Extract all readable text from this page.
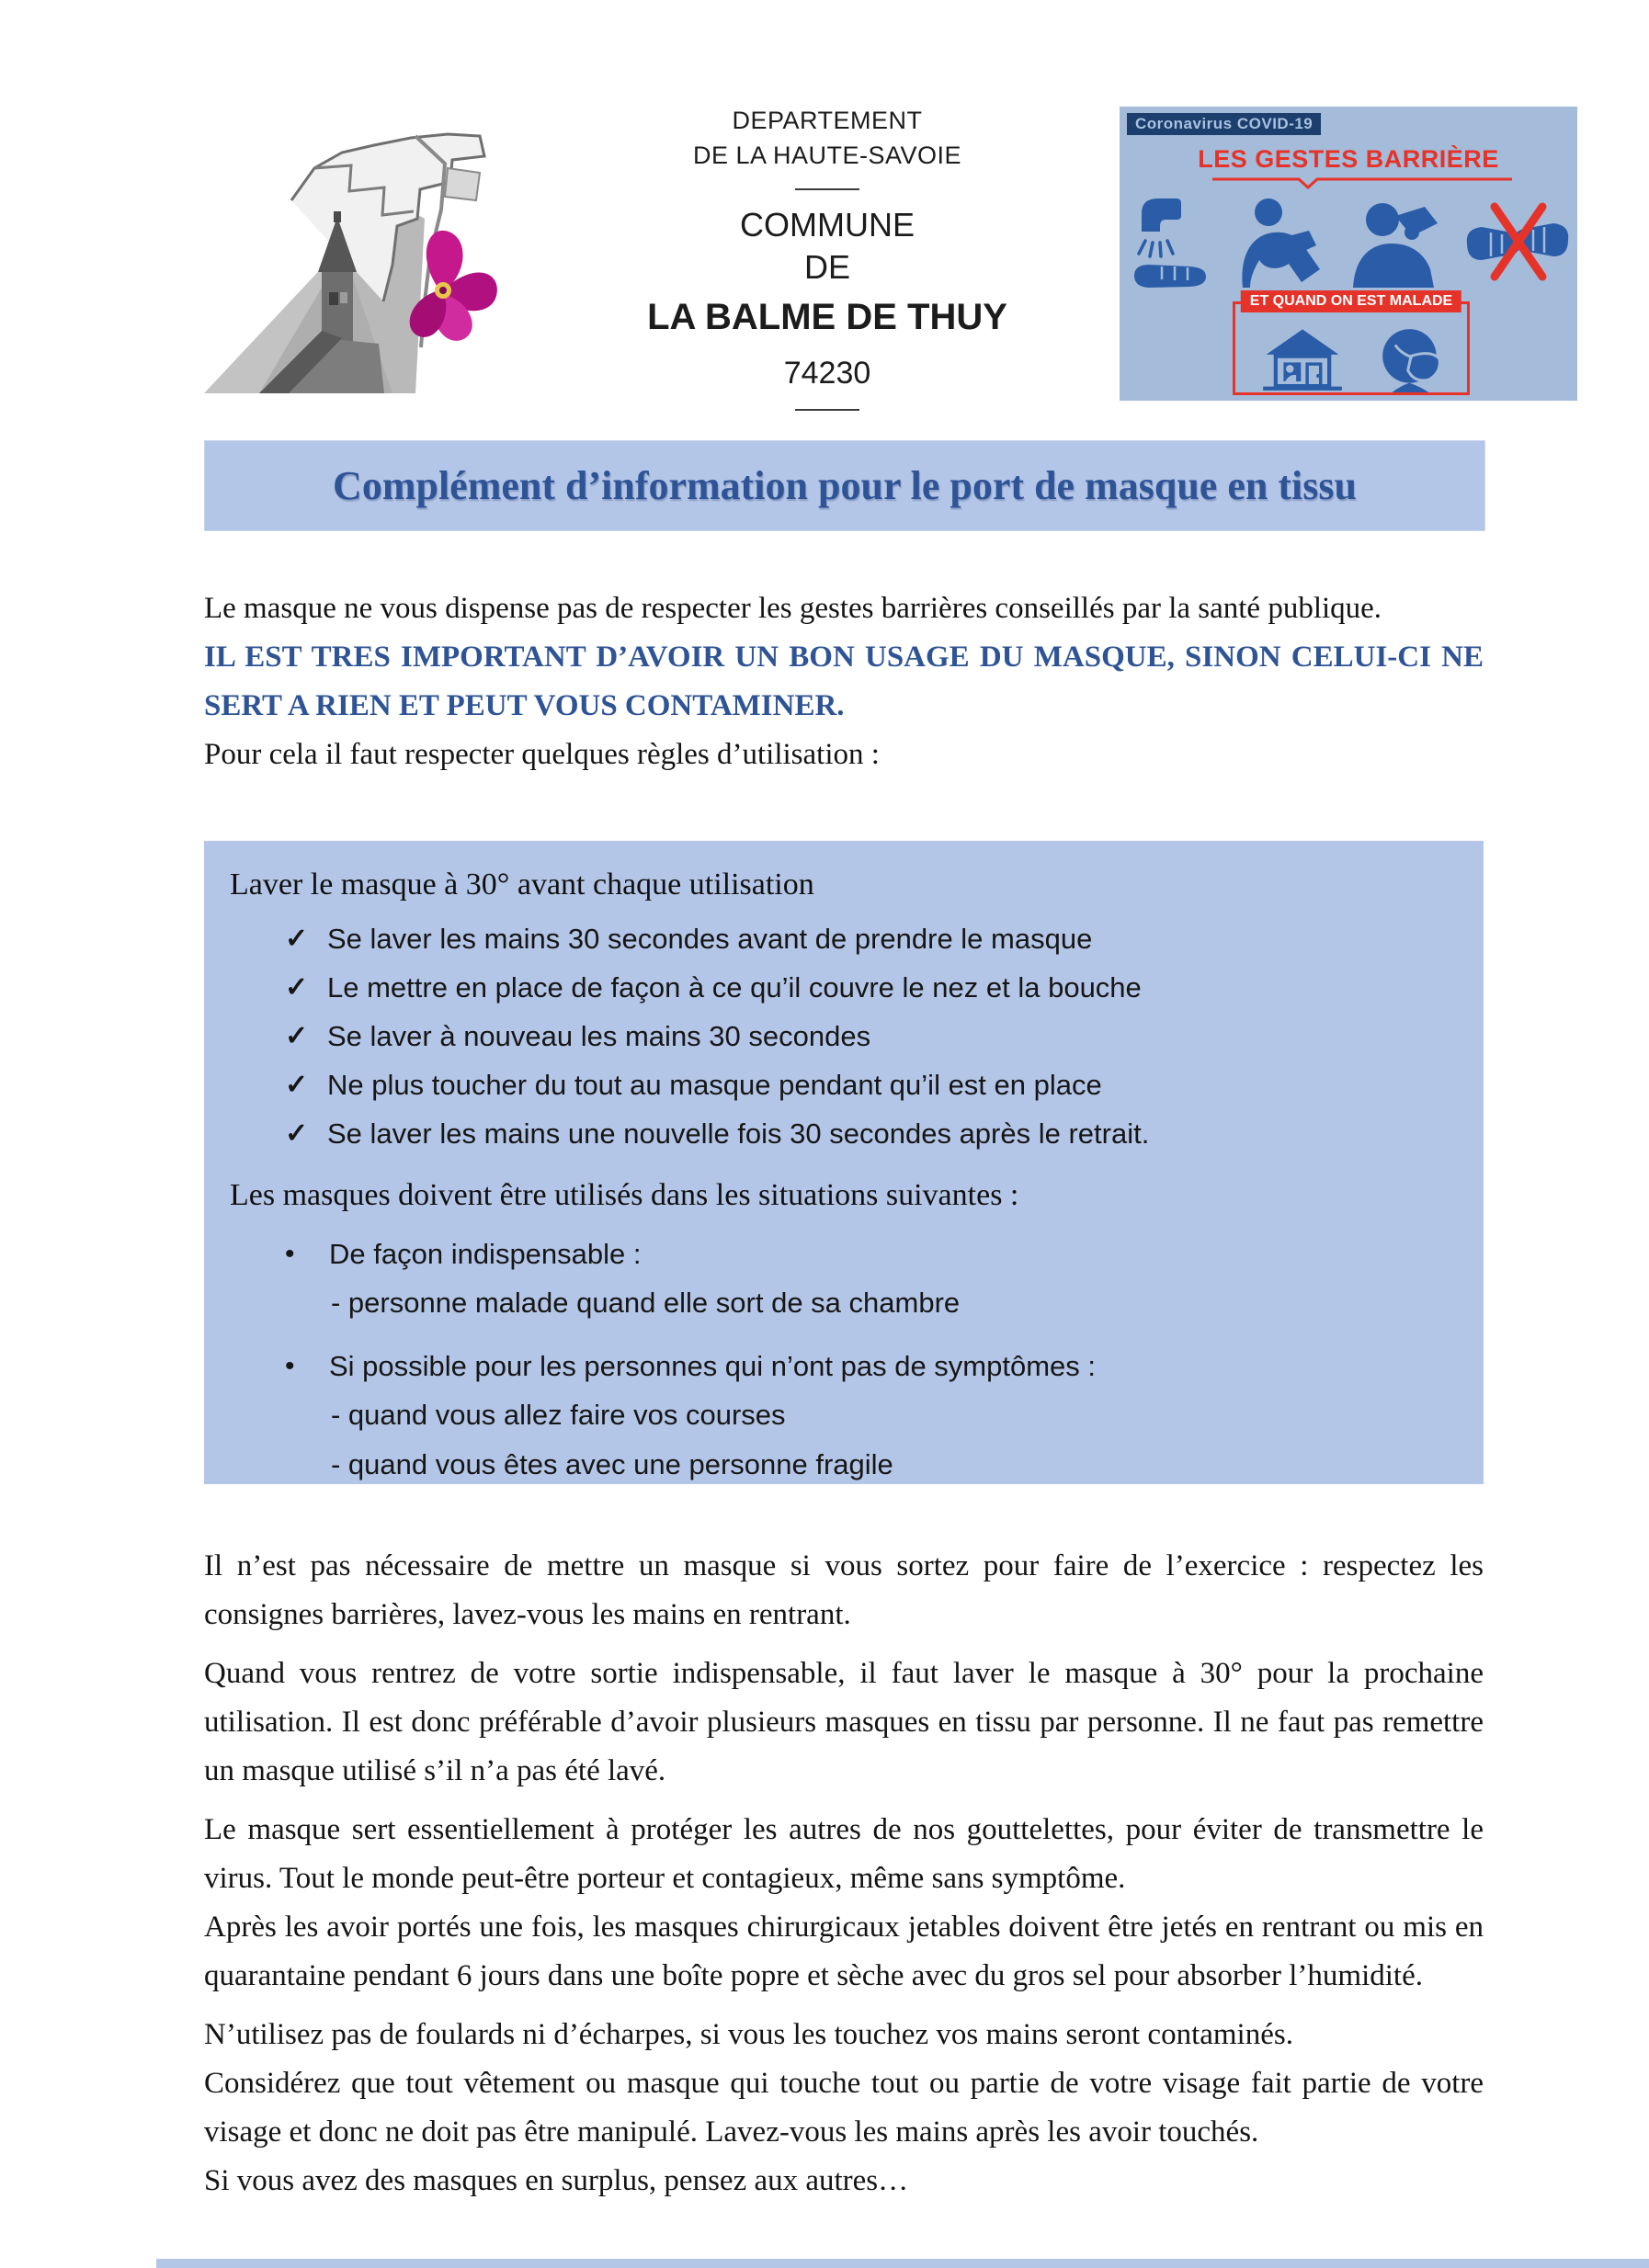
DEPARTEMENT
DE LA HAUTE-SAVOIE
COMMUNE
DE
LA BALME DE THUY
74230
Coronavirus COVID-19
LES GESTES BARRIÈRE
ET QUAND ON EST MALADE
Complément d’information pour le port de masque en tissu
Le masque ne vous dispense pas de respecter les gestes barrières conseillés par la santé publique.
IL EST TRES IMPORTANT D’AVOIR UN BON USAGE DU MASQUE, SINON CELUI-CI NE SERT A RIEN ET PEUT VOUS CONTAMINER.
Pour cela il faut respecter quelques règles d’utilisation :
Laver le masque à 30° avant chaque utilisation
✓ Se laver les mains 30 secondes avant de prendre le masque
✓ Le mettre en place de façon à ce qu’il couvre le nez et la bouche
✓ Se laver à nouveau les mains 30 secondes
✓ Ne plus toucher du tout au masque pendant qu’il est en place
✓ Se laver les mains une nouvelle fois 30 secondes après le retrait.
Les masques doivent être utilisés dans les situations suivantes :
•	De façon indispensable :
- personne malade quand elle sort de sa chambre
•	Si possible pour les personnes qui n’ont pas de symptômes :
- quand vous allez faire vos courses
- quand vous êtes avec une personne fragile
Il n’est pas nécessaire de mettre un masque si vous sortez pour faire de l’exercice : respectez les consignes barrières, lavez-vous les mains en rentrant.
Quand vous rentrez de votre sortie indispensable, il faut laver le masque à 30° pour la prochaine utilisation. Il est donc préférable d’avoir plusieurs masques en tissu par personne. Il ne faut pas remettre un masque utilisé s’il n’a pas été lavé.
Le masque sert essentiellement à protéger les autres de nos gouttelettes, pour éviter de transmettre le virus. Tout le monde peut-être porteur et contagieux, même sans symptôme.
Après les avoir portés une fois, les masques chirurgicaux jetables doivent être jetés en rentrant ou mis en quarantaine pendant 6 jours dans une boîte popre et sèche avec du gros sel pour absorber l’humidité.
N’utilisez pas de foulards ni d’écharpes, si vous les touchez vos mains seront contaminés.
Considérez que tout vêtement ou masque qui touche tout ou partie de votre visage fait partie de votre visage et donc ne doit pas être manipulé. Lavez-vous les mains après les avoir touchés.
Si vous avez des masques en surplus, pensez aux autres…
